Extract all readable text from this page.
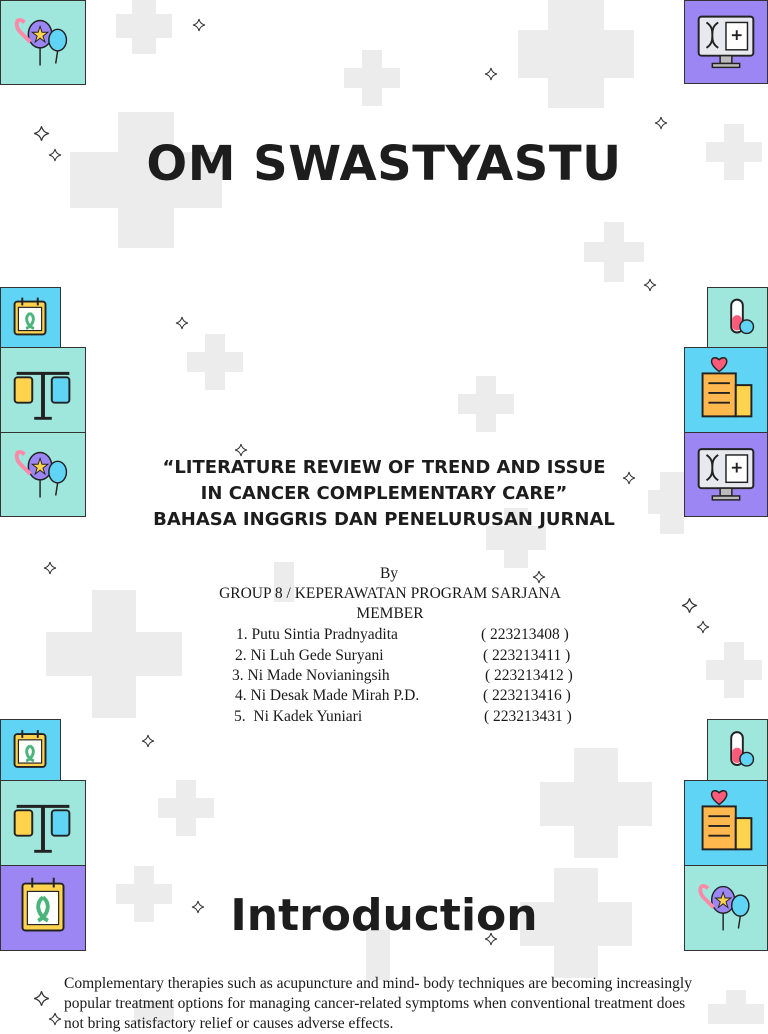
OM SWASTYASTU

“LITERATURE REVIEW OF TREND AND ISSUE

IN CANCER COMPLEMENTARY CARE”

BAHASA INGGRIS DAN PENELURUSAN JURNAL

By
GROUP 8 / KEPERAWATAN PROGRAM SARJANA
MEMBER
1. Putu Sintia Pradnyadita	( 223213408 )
2. Ni Luh Gede Suryani	( 223213411 )
3. Ni Made Novianingsih	( 223213412 )
4. Ni Desak Made Mirah P.D.	( 223213416 )
5.  Ni Kadek Yuniari	( 223213431 )
Introduction

Complementary therapies such as acupuncture and mind- body techniques are becoming increasingly popular treatment options for managing cancer-related symptoms when conventional treatment does not bring satisfactory relief or causes adverse effects.
